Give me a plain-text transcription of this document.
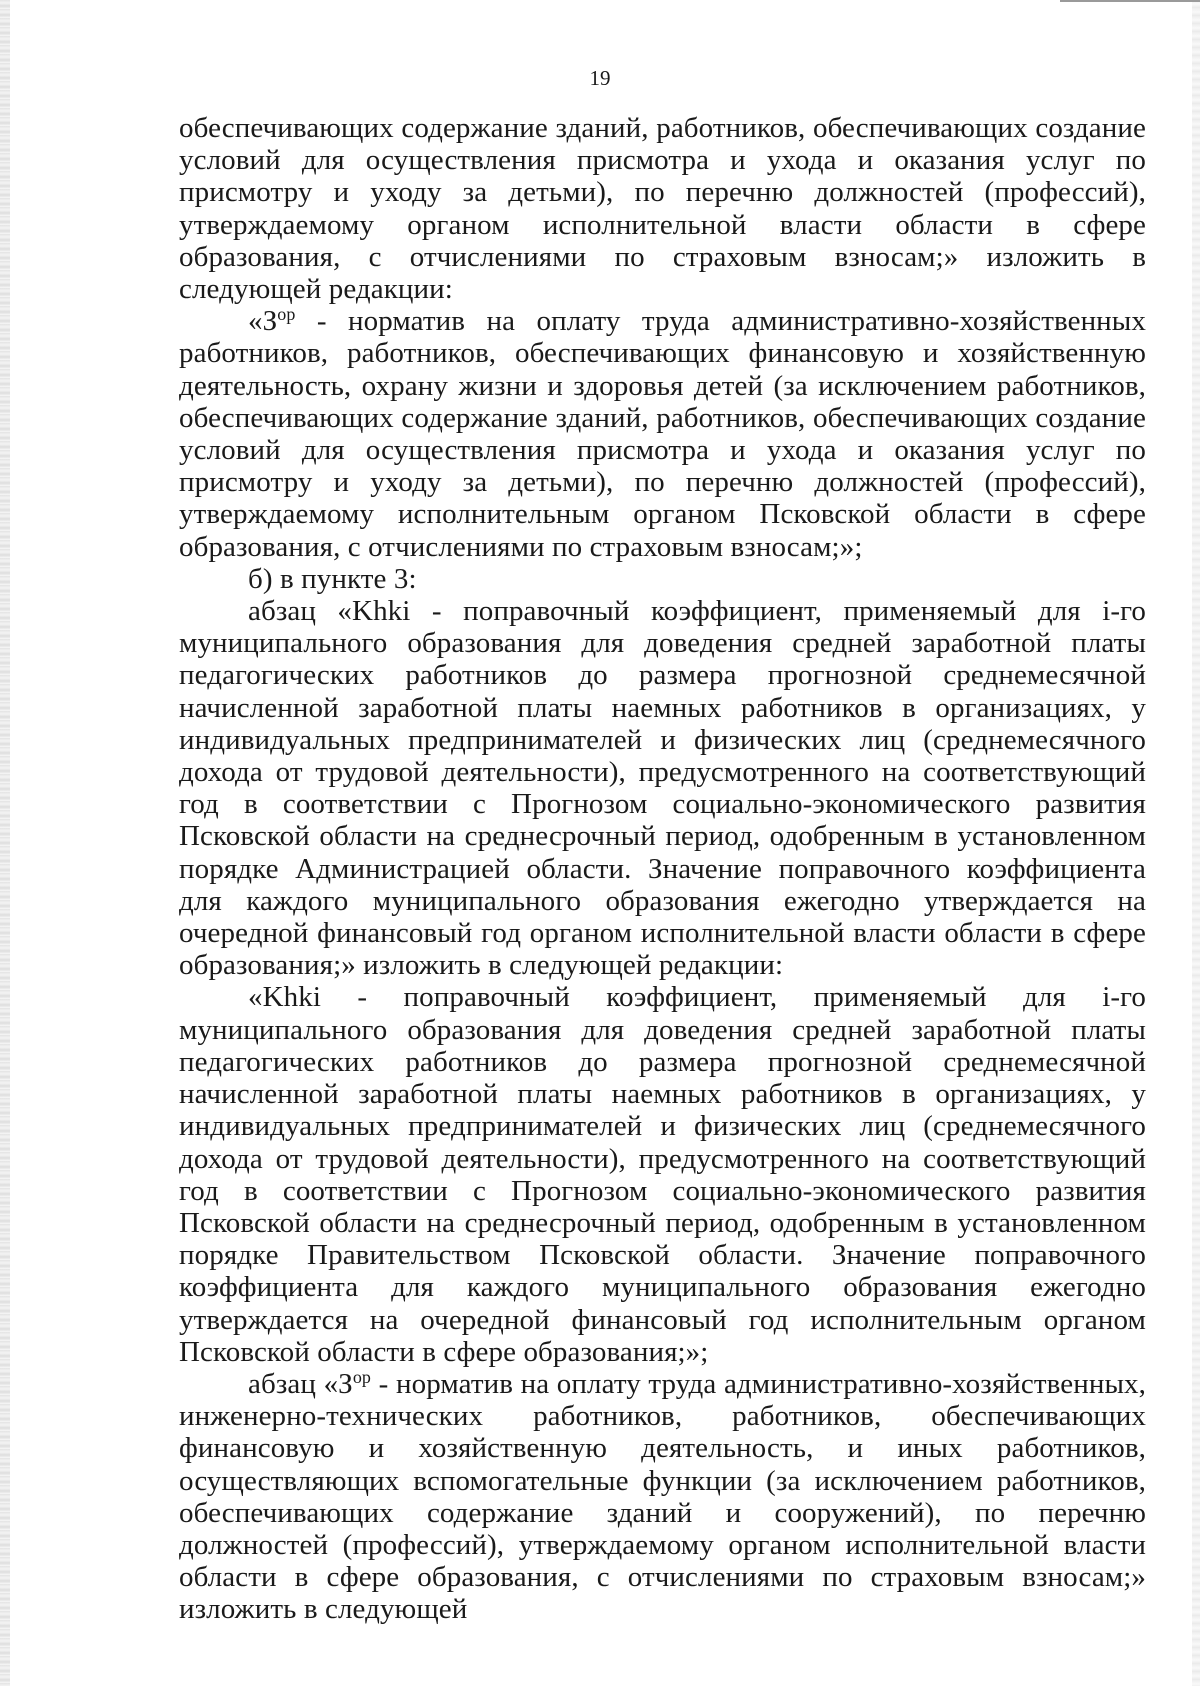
19

обеспечивающих содержание зданий, работников, обеспечивающих создание условий для осуществления присмотра и ухода и оказания услуг по присмотру и уходу за детьми), по перечню должностей (профессий), утверждаемому органом исполнительной власти области в сфере образования, с отчислениями по страховым взносам;» изложить в следующей редакции:

«$З^{ор}$ - норматив на оплату труда административно-хозяйственных работников, работников, обеспечивающих финансовую и хозяйственную деятельность, охрану жизни и здоровья детей (за исключением работников, обеспечивающих содержание зданий, работников, обеспечивающих создание условий для осуществления присмотра и ухода и оказания услуг по присмотру и уходу за детьми), по перечню должностей (профессий), утверждаемому исполнительным органом Псковской области в сфере образования, с отчислениями по страховым взносам;»;

б) в пункте 3:

абзац «Khki - поправочный коэффициент, применяемый для i-го муниципального образования для доведения средней заработной платы педагогических работников до размера прогнозной среднемесячной начисленной заработной платы наемных работников в организациях, у индивидуальных предпринимателей и физических лиц (среднемесячного дохода от трудовой деятельности), предусмотренного на соответствующий год в соответствии с Прогнозом социально-экономического развития Псковской области на среднесрочный период, одобренным в установленном порядке Администрацией области. Значение поправочного коэффициента для каждого муниципального образования ежегодно утверждается на очередной финансовый год органом исполнительной власти области в сфере образования;» изложить в следующей редакции:

«Khki - поправочный коэффициент, применяемый для i-го муниципального образования для доведения средней заработной платы педагогических работников до размера прогнозной среднемесячной начисленной заработной платы наемных работников в организациях, у индивидуальных предпринимателей и физических лиц (среднемесячного дохода от трудовой деятельности), предусмотренного на соответствующий год в соответствии с Прогнозом социально-экономического развития Псковской области на среднесрочный период, одобренным в установленном порядке Правительством Псковской области. Значение поправочного коэффициента для каждого муниципального образования ежегодно утверждается на очередной финансовый год исполнительным органом Псковской области в сфере образования;»;

абзац «$З^{ор}$ - норматив на оплату труда административно-хозяйственных, инженерно-технических работников, работников, обеспечивающих финансовую и хозяйственную деятельность, и иных работников, осуществляющих вспомогательные функции (за исключением работников, обеспечивающих содержание зданий и сооружений), по перечню должностей (профессий), утверждаемому органом исполнительной власти области в сфере образования, с отчислениями по страховым взносам;» изложить в следующей
